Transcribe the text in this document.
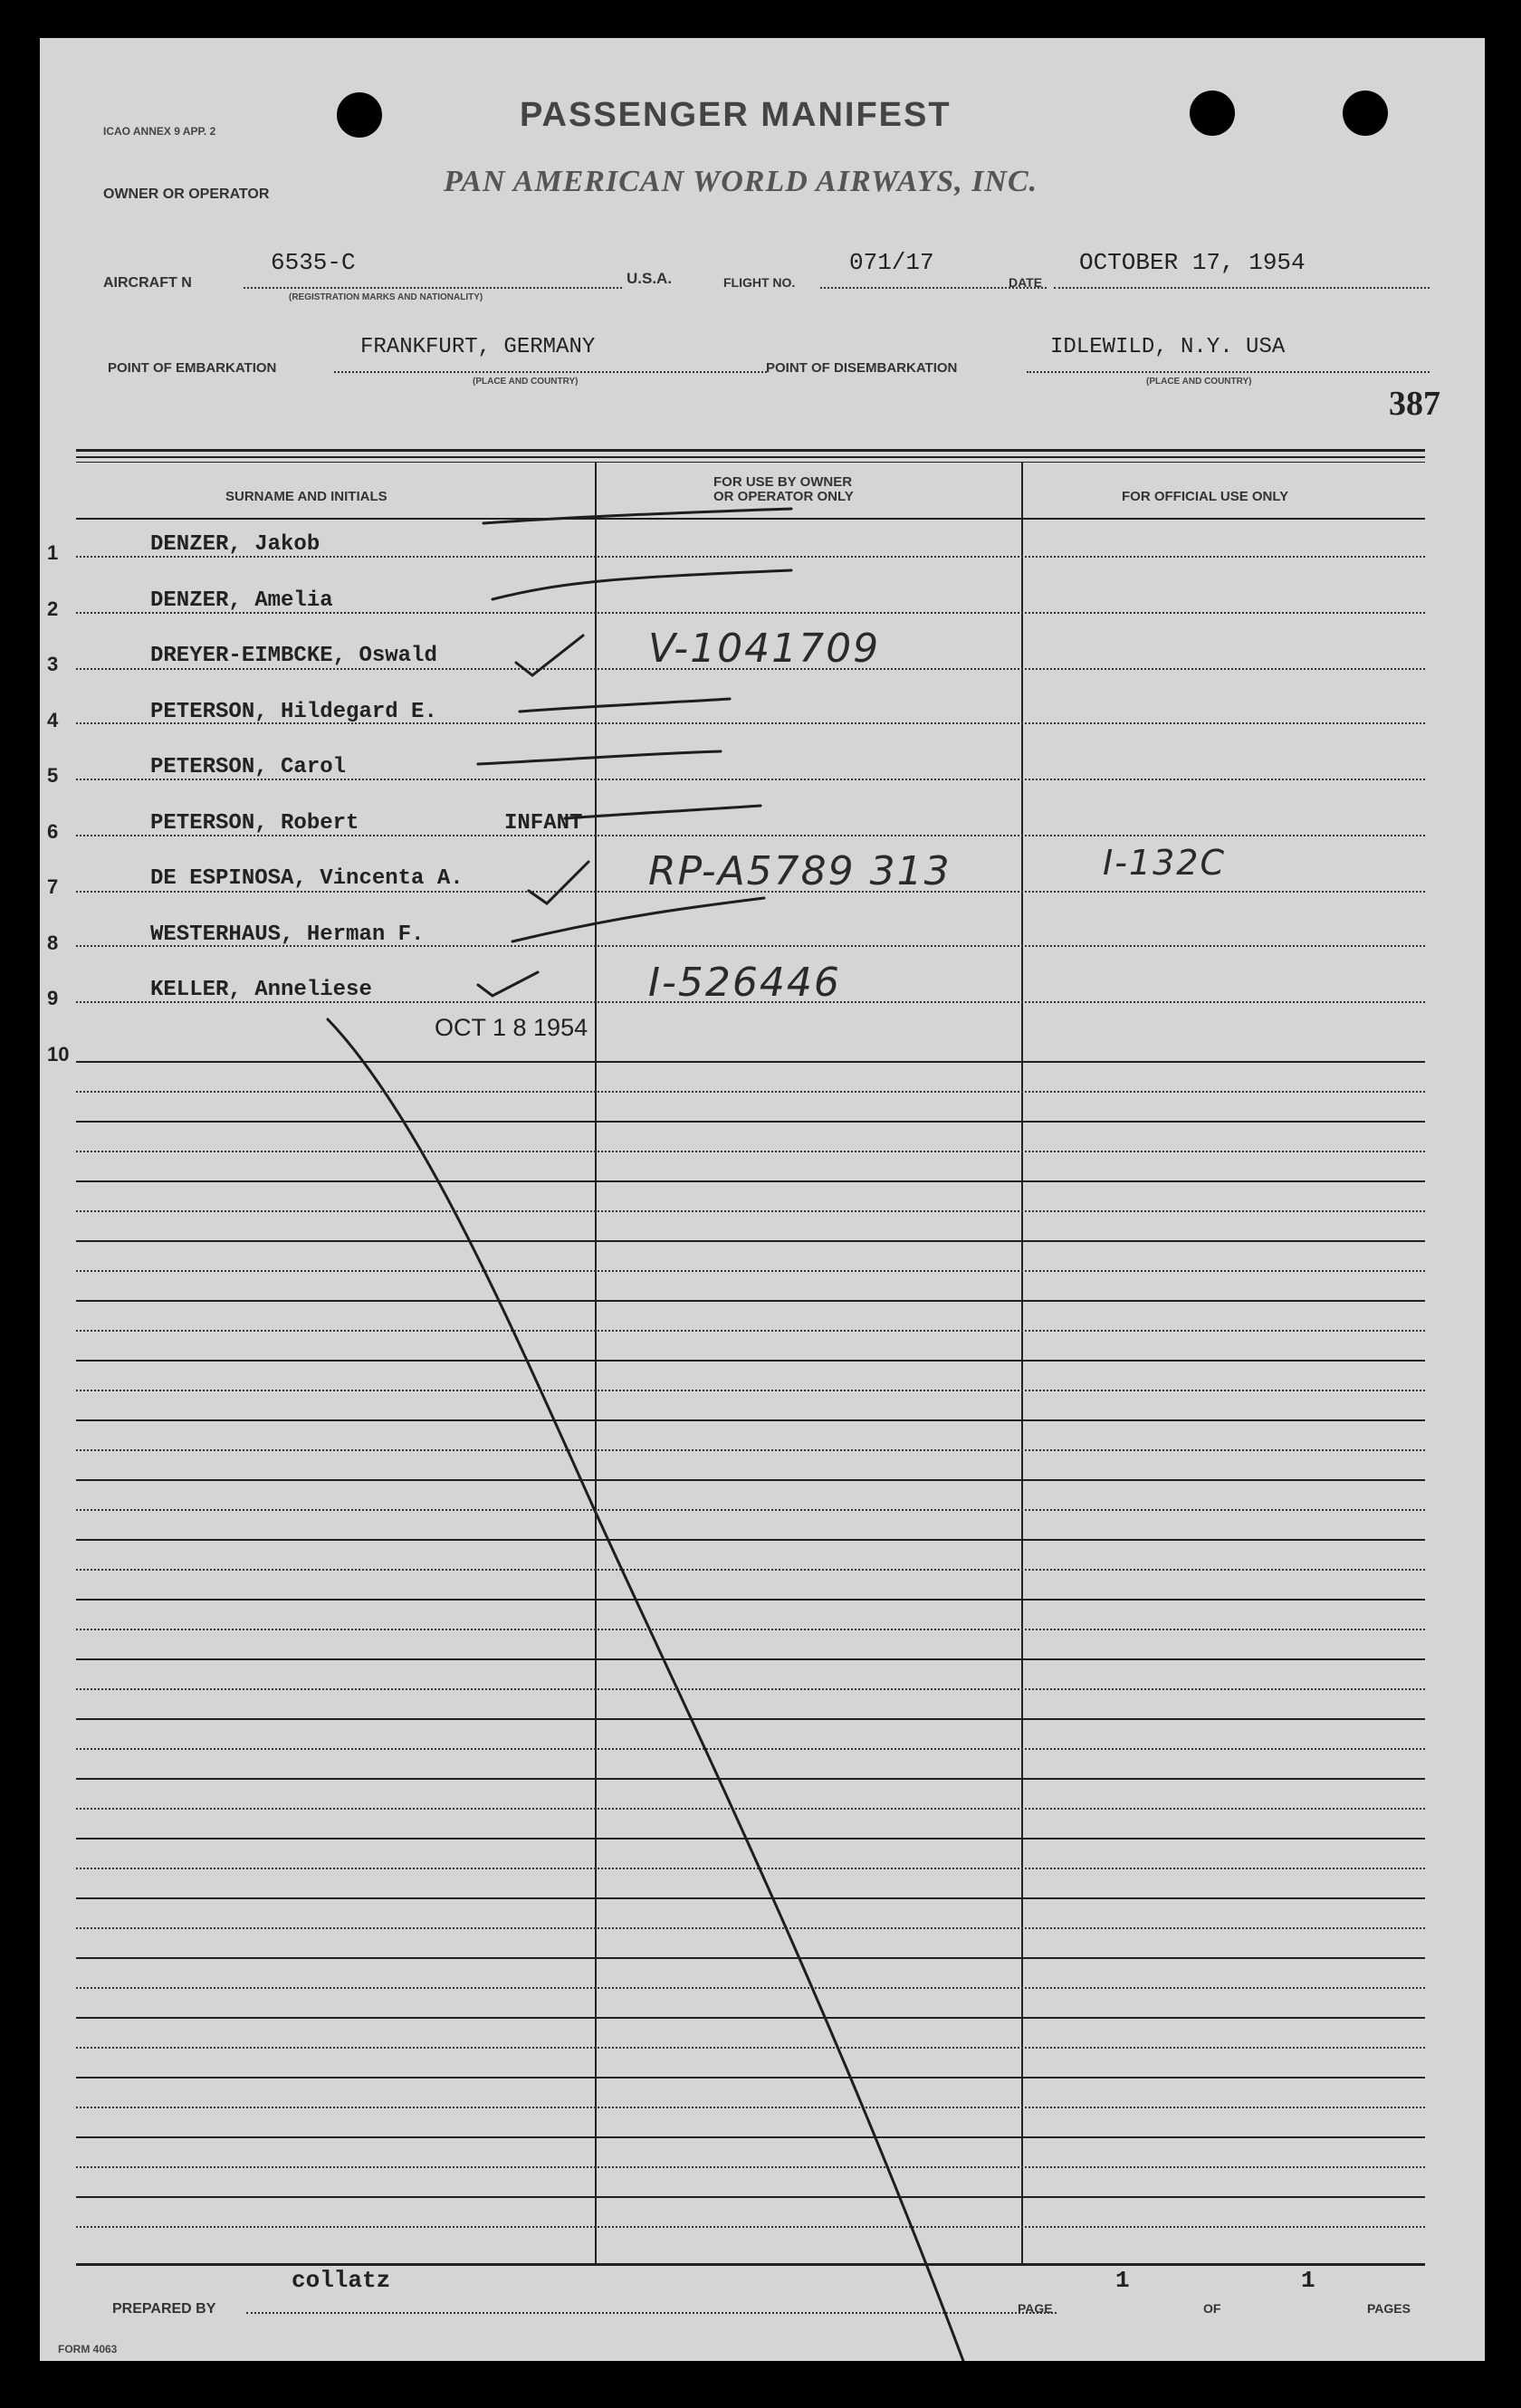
ICAO ANNEX 9 APP. 2	PASSENGER MANIFEST
OWNER OR OPERATOR	PAN AMERICAN WORLD AIRWAYS, INC.
AIRCRAFT N
6535-C
(REGISTRATION MARKS AND NATIONALITY)
U.S.A.	FLIGHT NO.
071/17
DATE
OCTOBER 17, 1954
POINT OF EMBARKATION
FRANKFURT, GERMANY
(PLACE AND COUNTRY)
POINT OF DISEMBARKATION
IDLEWILD, N.Y. USA
(PLACE AND COUNTRY)
387
SURNAME AND INITIALS
FOR USE BY OWNER
OR OPERATOR ONLY	FOR OFFICIAL USE ONLY
1	DENZER, Jakob
2	DENZER, Amelia
3	DREYER-EIMBCKE, Oswald	V-1041709
4	PETERSON, Hildegard E.
5	PETERSON, Carol
6	PETERSON, Robert	INFANT
7	DE ESPINOSA, Vincenta A.	RP-A5789 313	I-132C
8	WESTERHAUS, Herman F.
9	KELLER, Anneliese	I-526446
10
OCT 1 8 1954
PREPARED BY
collatz
PAGE
1
OF
1
PAGES
FORM 4063
